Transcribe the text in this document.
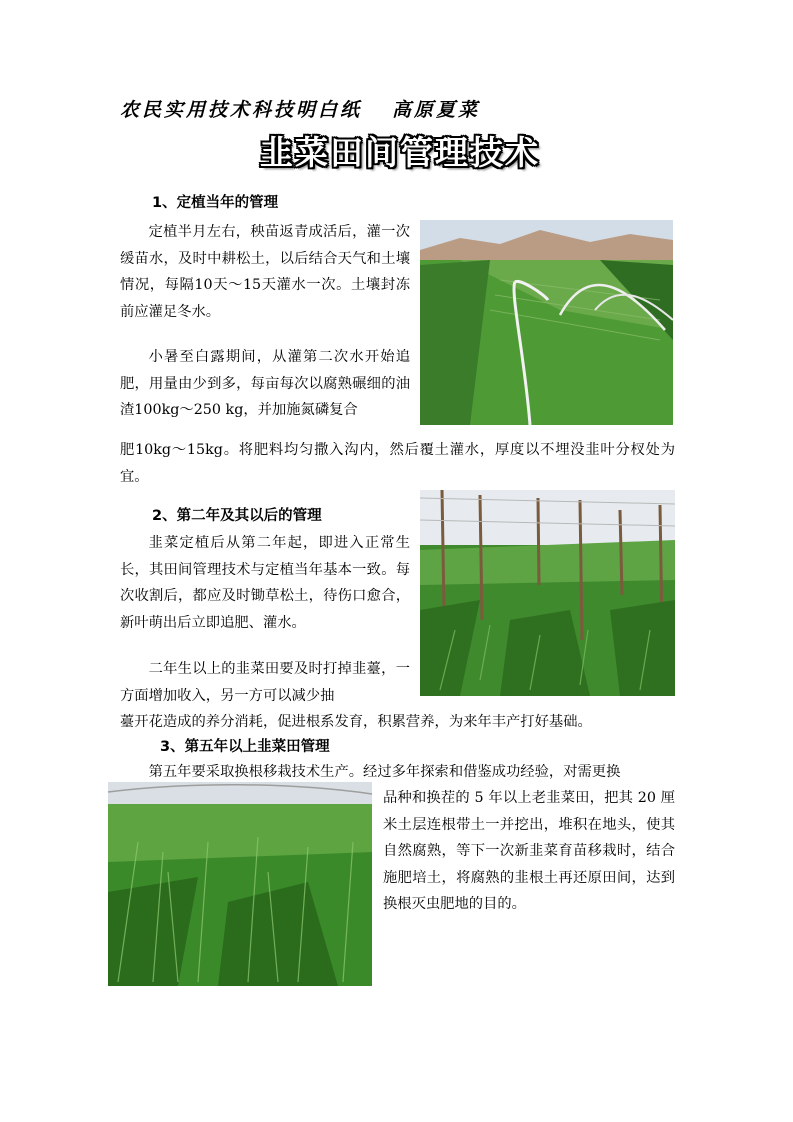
农民实用技术科技明白纸 高原夏菜
韭菜田间管理技术
1、定植当年的管理

定植半月左右，秧苗返青成活后，灌一次缓苗水，及时中耕松土，以后结合天气和土壤情况，每隔10天～15天灌水一次。土壤封冻前应灌足冬水。

小暑至白露期间，从灌第二次水开始追肥，用量由少到多，每亩每次以腐熟碾细的油渣100kg～250 kg，并加施氮磷复合

肥10kg～15kg。将肥料均匀撒入沟内，然后覆土灌水，厚度以不埋没韭叶分杈处为宜。

2、第二年及其以后的管理

韭菜定植后从第二年起，即进入正常生长，其田间管理技术与定植当年基本一致。每次收割后，都应及时锄草松土，待伤口愈合，新叶萌出后立即追肥、灌水。

二年生以上的韭菜田要及时打掉韭薹，一方面增加收入，另一方可以减少抽

薹开花造成的养分消耗，促进根系发育，积累营养，为来年丰产打好基础。

3、第五年以上韭菜田管理

第五年要采取换根移栽技术生产。经过多年探索和借鉴成功经验，对需更换

品种和换茬的 5 年以上老韭菜田，把其 20 厘米土层连根带土一并挖出，堆积在地头，使其自然腐熟，等下一次新韭菜育苗移栽时，结合施肥培土，将腐熟的韭根土再还原田间，达到换根灭虫肥地的目的。
